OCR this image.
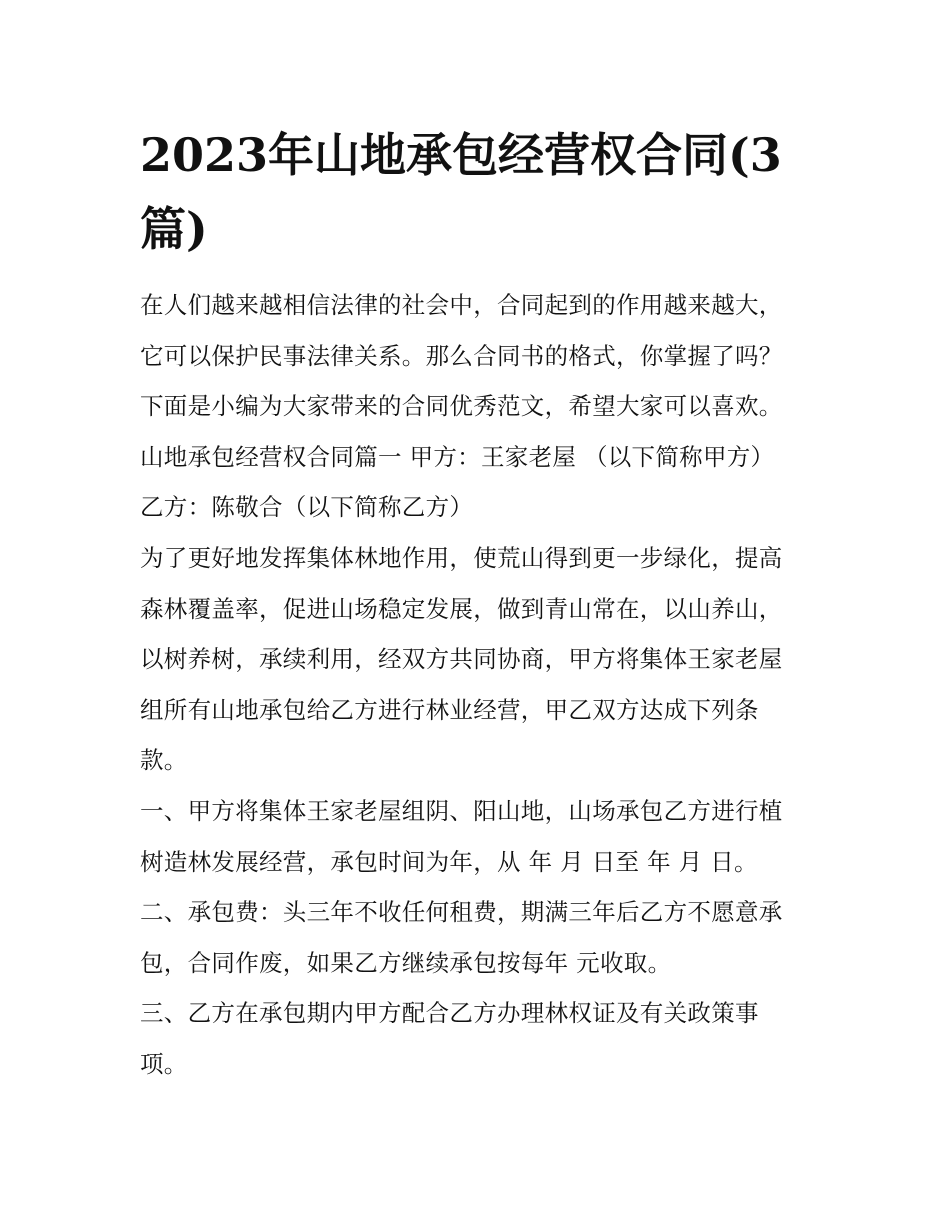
2023年山地承包经营权合同(3
篇)
在人们越来越相信法律的社会中，合同起到的作用越来越大，
它可以保护民事法律关系。那么合同书的格式，你掌握了吗？
下面是小编为大家带来的合同优秀范文，希望大家可以喜欢。
山地承包经营权合同篇一 甲方：王家老屋 （以下简称甲方）
乙方：陈敬合（以下简称乙方）
为了更好地发挥集体林地作用，使荒山得到更一步绿化，提高
森林覆盖率，促进山场稳定发展，做到青山常在，以山养山，
以树养树，承续利用，经双方共同协商，甲方将集体王家老屋
组所有山地承包给乙方进行林业经营，甲乙双方达成下列条
款。
一、甲方将集体王家老屋组阴、阳山地，山场承包乙方进行植
树造林发展经营，承包时间为年，从 年 月 日至 年 月 日。
二、承包费：头三年不收任何租费，期满三年后乙方不愿意承
包，合同作废，如果乙方继续承包按每年 元收取。
三、乙方在承包期内甲方配合乙方办理林权证及有关政策事
项。
